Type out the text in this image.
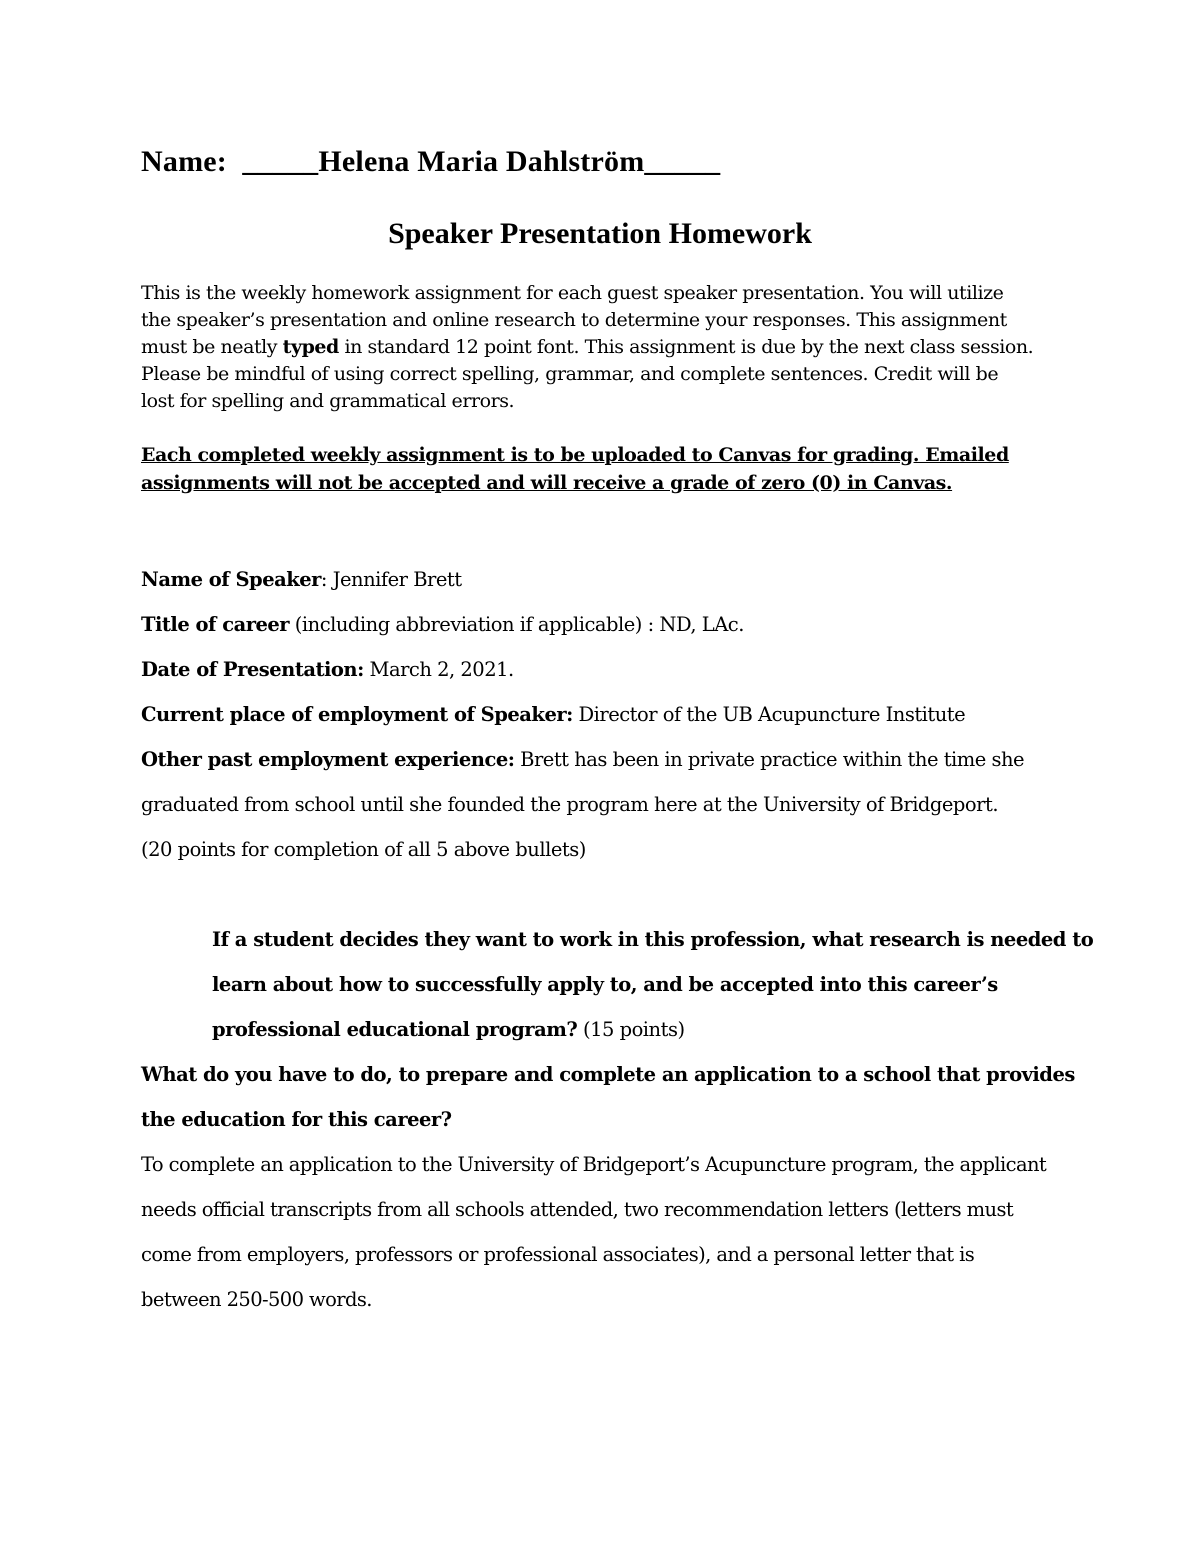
Name: _____Helena Maria Dahlström_____
Speaker Presentation Homework

This is the weekly homework assignment for each guest speaker presentation. You will utilize

the speaker’s presentation and online research to determine your responses. This assignment

must be neatly typed in standard 12 point font. This assignment is due by the next class session.

Please be mindful of using correct spelling, grammar, and complete sentences. Credit will be

lost for spelling and grammatical errors.

Each completed weekly assignment is to be uploaded to Canvas for grading. Emailed

assignments will not be accepted and will receive a grade of zero (0) in Canvas.

Name of Speaker: Jennifer Brett
Title of career (including abbreviation if applicable) : ND, LAc.
Date of Presentation: March 2, 2021.
Current place of employment of Speaker: Director of the UB Acupuncture Institute
Other past employment experience: Brett has been in private practice within the time she
graduated from school until she founded the program here at the University of Bridgeport.
(20 points for completion of all 5 above bullets)
If a student decides they want to work in this profession, what research is needed to
learn about how to successfully apply to, and be accepted into this career’s
professional educational program? (15 points)
What do you have to do, to prepare and complete an application to a school that provides
the education for this career?
To complete an application to the University of Bridgeport’s Acupuncture program, the applicant
needs official transcripts from all schools attended, two recommendation letters (letters must
come from employers, professors or professional associates), and a personal letter that is
between 250-500 words.
